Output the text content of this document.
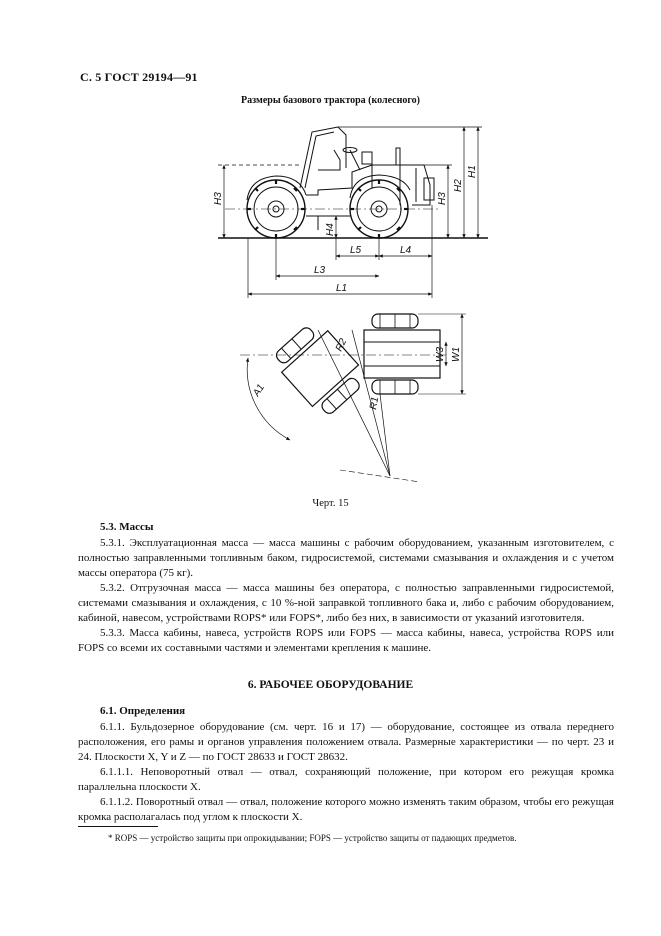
С. 5 ГОСТ 29194—91
Размеры базового трактора (колесного)
H3	H3
H2
H1
H4
L5	L4
L3
L1
W3 W1
R2
R1
A1
Черт. 15

5.3. Массы

5.3.1. Эксплуатационная масса — масса машины с рабочим оборудованием, указанным изготовителем, с полностью заправленными топливным баком, гидросистемой, системами смазывания и охлаждения и с учетом массы оператора (75 кг).

5.3.2. Отгрузочная масса — масса машины без оператора, с полностью заправленными гидросистемой, системами смазывания и охлаждения, с 10 %-ной заправкой топливного бака и, либо с рабочим оборудованием, кабиной, навесом, устройствами ROPS* или FOPS*, либо без них, в зависимости от указаний изготовителя.

5.3.3. Масса кабины, навеса, устройств ROPS или FOPS — масса кабины, навеса, устройства ROPS или FOPS со всеми их составными частями и элементами крепления к машине.

6. РАБОЧЕЕ ОБОРУДОВАНИЕ

6.1. Определения

6.1.1. Бульдозерное оборудование (см. черт. 16 и 17) — оборудование, состоящее из отвала переднего расположения, его рамы и органов управления положением отвала. Размерные характеристики — по черт. 23 и 24. Плоскости X, Y и Z — по ГОСТ 28633 и ГОСТ 28632.

6.1.1.1. Неповоротный отвал — отвал, сохраняющий положение, при котором его режущая кромка параллельна плоскости X.

6.1.1.2. Поворотный отвал — отвал, положение которого можно изменять таким образом, чтобы его режущая кромка располагалась под углом к плоскости X.

* ROPS — устройство защиты при опрокидывании; FOPS — устройство защиты от падающих предметов.
